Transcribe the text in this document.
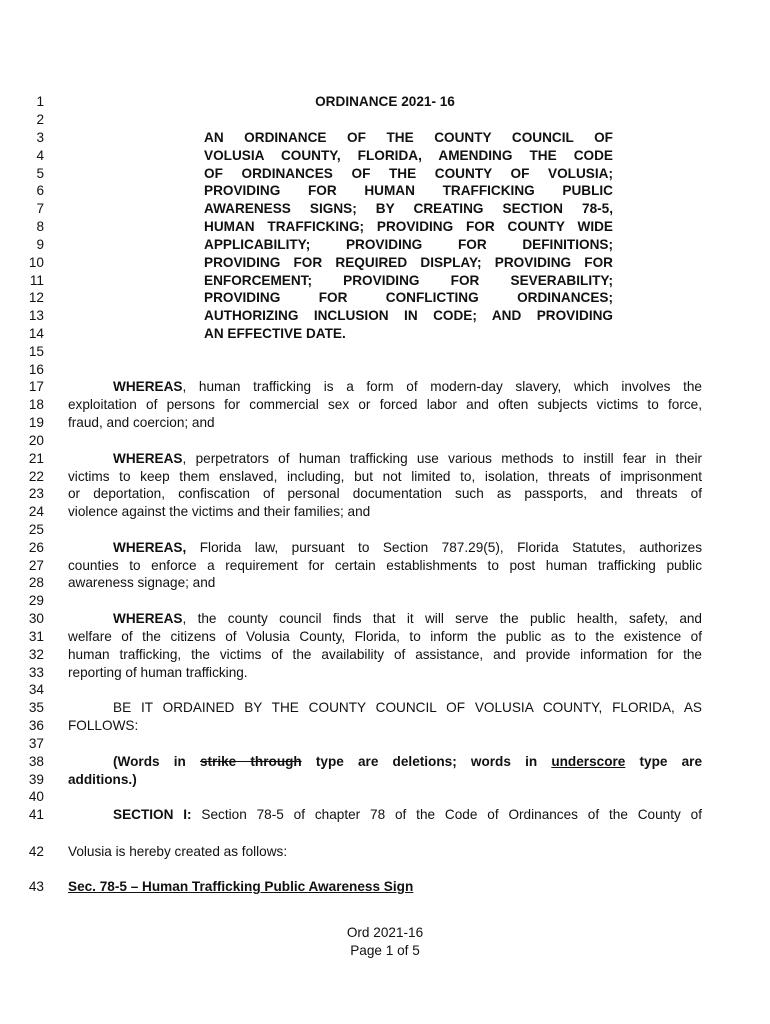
1
2
3
4
5
6
7
8
9
10
11
12
13
14
15
16
17
18
19
20
21
22
23
24
25
26
27
28
29
30
31
32
33
34
35
36
37
38
39
40
41
42
43
ORDINANCE 2021- 16
AN ORDINANCE OF THE COUNTY COUNCIL OF
VOLUSIA COUNTY, FLORIDA, AMENDING THE CODE
OF ORDINANCES OF THE COUNTY OF VOLUSIA;
PROVIDING FOR HUMAN TRAFFICKING PUBLIC
AWARENESS SIGNS; BY CREATING SECTION 78-5,
HUMAN TRAFFICKING; PROVIDING FOR COUNTY WIDE
APPLICABILITY; PROVIDING FOR DEFINITIONS;
PROVIDING FOR REQUIRED DISPLAY; PROVIDING FOR
ENFORCEMENT; PROVIDING FOR SEVERABILITY;
PROVIDING FOR CONFLICTING ORDINANCES;
AUTHORIZING INCLUSION IN CODE; AND PROVIDING
AN EFFECTIVE DATE.
WHEREAS, human trafficking is a form of modern-day slavery, which involves the
exploitation of persons for commercial sex or forced labor and often subjects victims to force,
fraud, and coercion; and
WHEREAS, perpetrators of human trafficking use various methods to instill fear in their
victims to keep them enslaved, including, but not limited to, isolation, threats of imprisonment
or deportation, confiscation of personal documentation such as passports, and threats of
violence against the victims and their families; and
WHEREAS, Florida law, pursuant to Section 787.29(5), Florida Statutes, authorizes
counties to enforce a requirement for certain establishments to post human trafficking public
awareness signage; and
WHEREAS, the county council finds that it will serve the public health, safety, and
welfare of the citizens of Volusia County, Florida, to inform the public as to the existence of
human trafficking, the victims of the availability of assistance, and provide information for the
reporting of human trafficking.
BE IT ORDAINED BY THE COUNTY COUNCIL OF VOLUSIA COUNTY, FLORIDA, AS
FOLLOWS:
(Words in strike through type are deletions; words in underscore type are
additions.)
SECTION I: Section 78-5 of chapter 78 of the Code of Ordinances of the County of
Volusia is hereby created as follows:
Sec. 78-5 – Human Trafficking Public Awareness Sign
Ord 2021-16
Page 1 of 5
